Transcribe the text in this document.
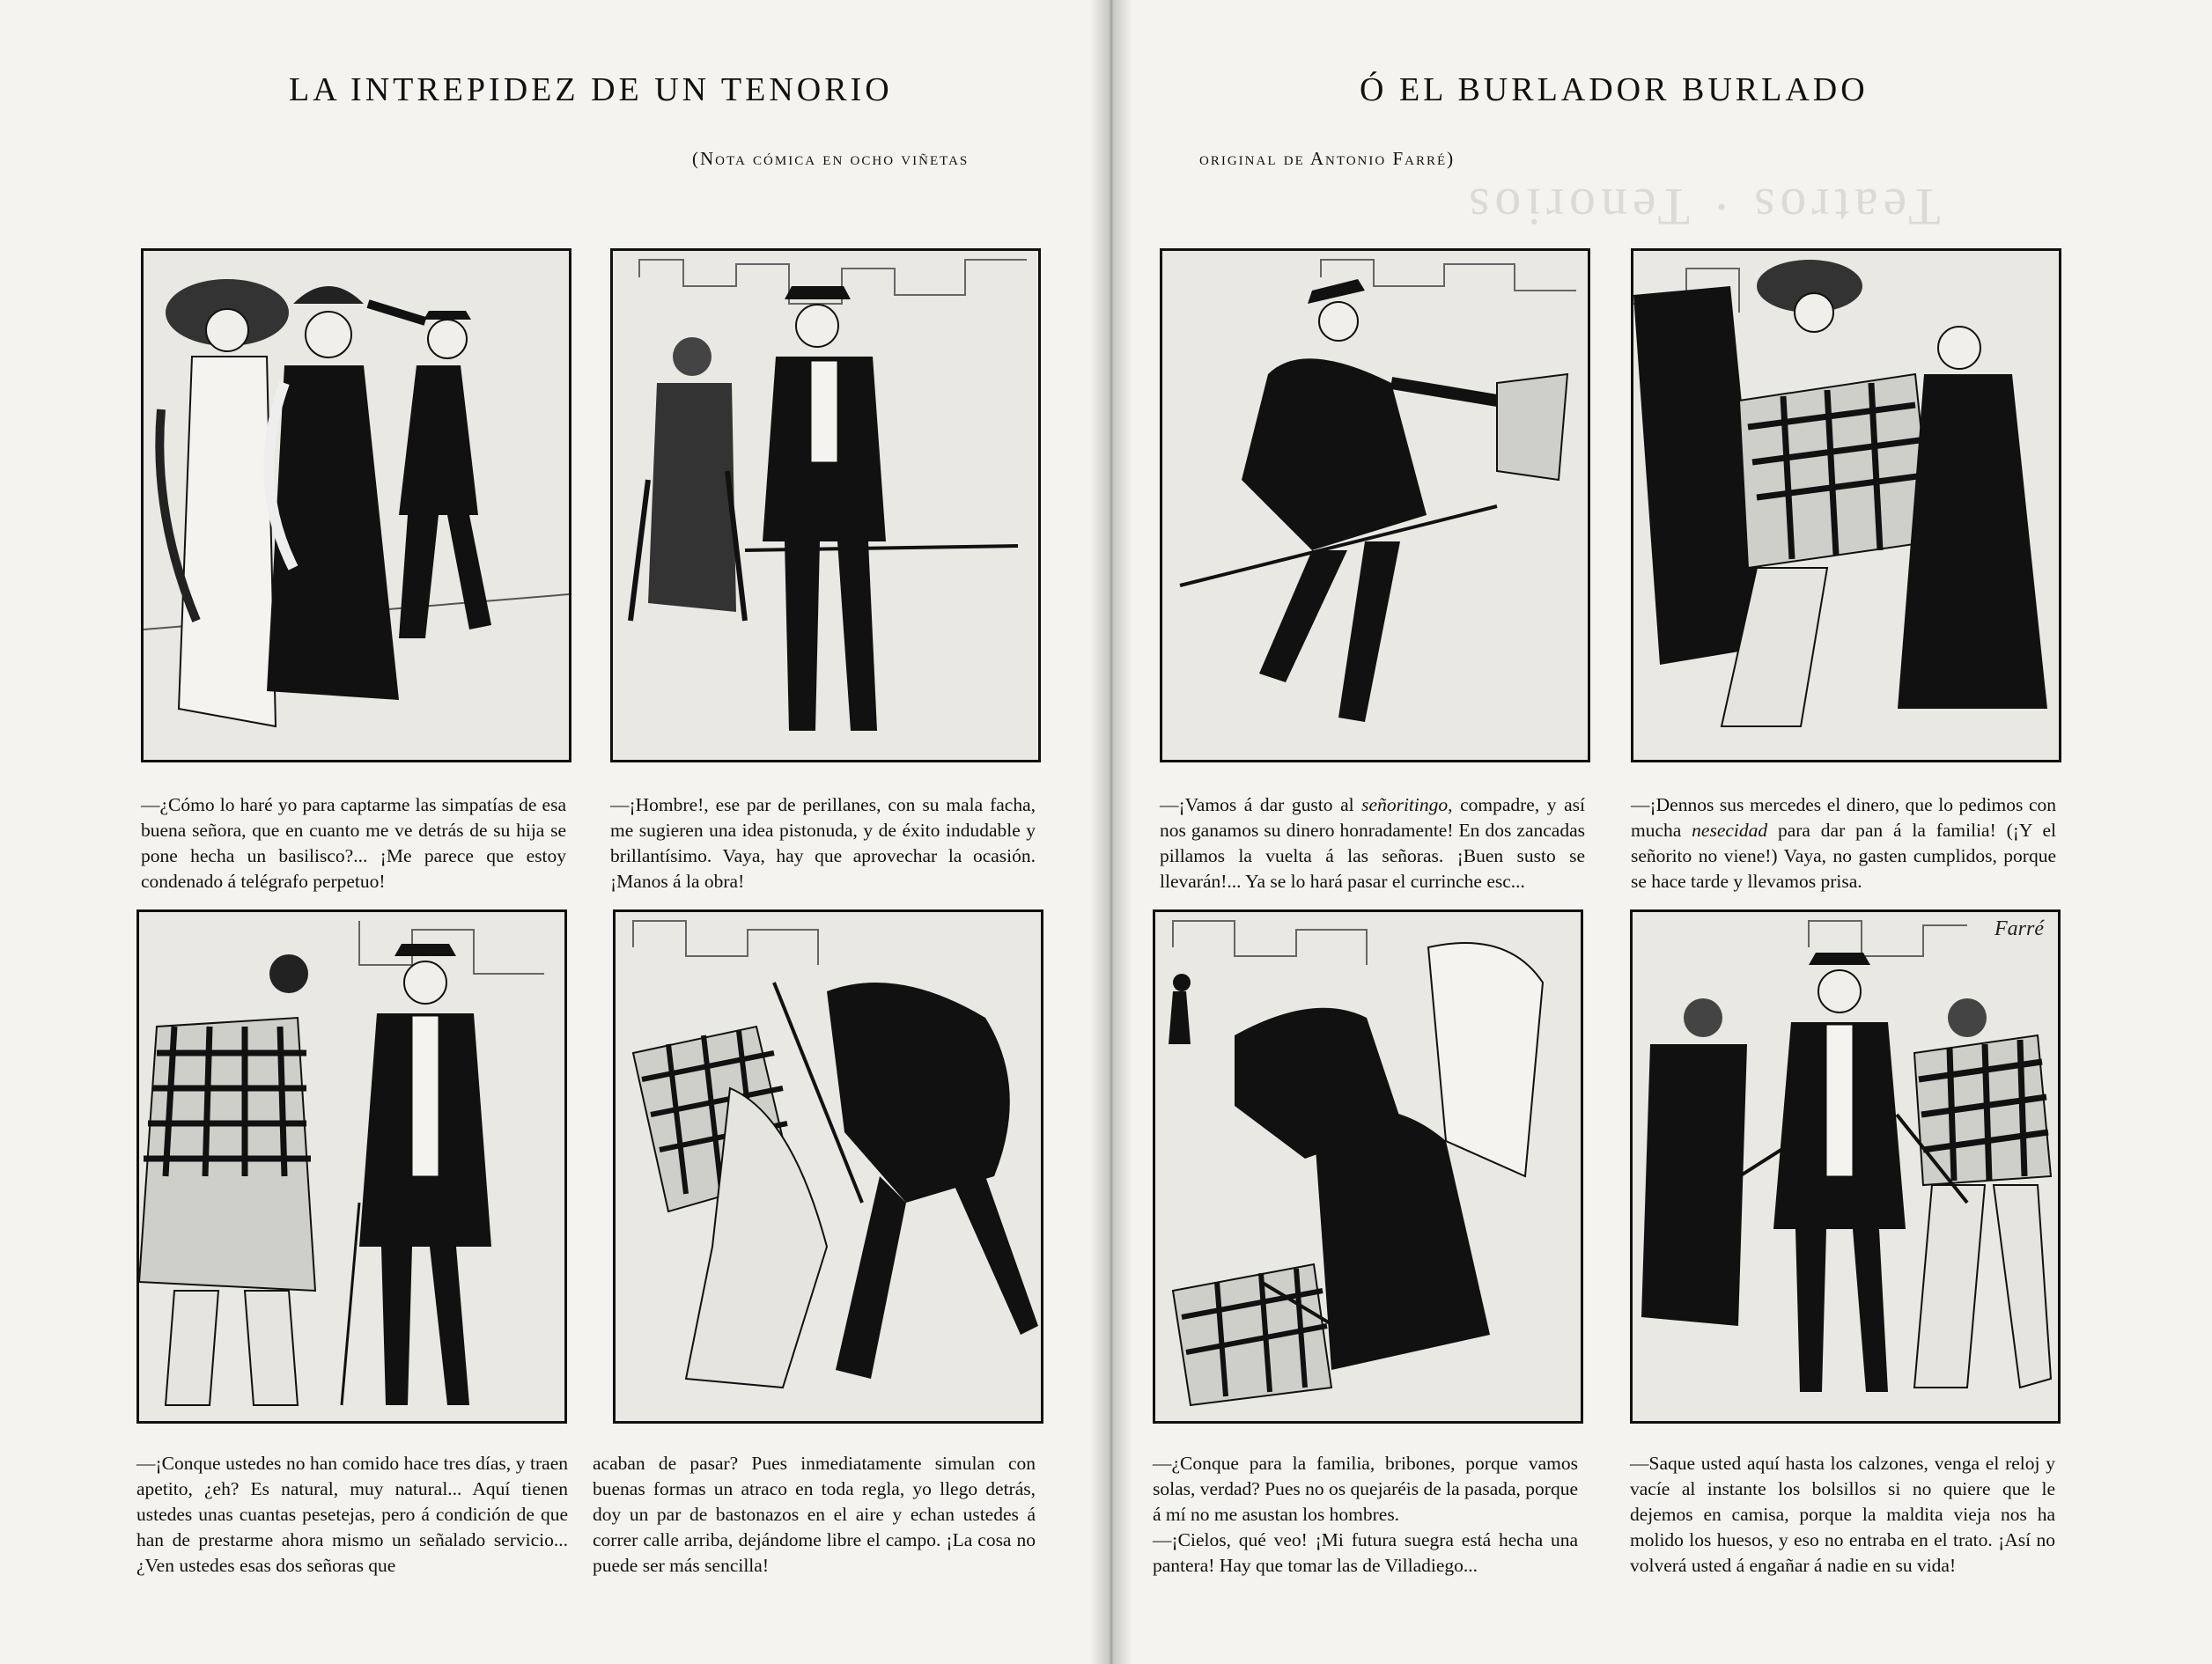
LA INTREPIDEZ DE UN TENORIO
(Nota cómica en ocho viñetas

—¿Cómo lo haré yo para captarme las simpatías de esa buena señora, que en cuanto me ve detrás de su hija se pone hecha un basilisco?... ¡Me parece que estoy condenado á telégrafo perpetuo!

—¡Hombre!, ese par de perillanes, con su mala facha, me sugieren una idea pistonuda, y de éxito indudable y brillantísimo. Vaya, hay que aprovechar la ocasión. ¡Manos á la obra!

—¡Conque ustedes no han comido hace tres días, y traen apetito, ¿eh? Es natural, muy natural... Aquí tienen ustedes unas cuantas pesetejas, pero á condición de que han de prestarme ahora mismo un señalado servicio... ¿Ven ustedes esas dos señoras que

acaban de pasar? Pues inmediatamente simulan con buenas formas un atraco en toda regla, yo llego detrás, doy un par de bastonazos en el aire y echan ustedes á correr calle arriba, dejándome libre el campo. ¡La cosa no puede ser más sencilla!

Teatros · Tenorios
Ó EL BURLADOR BURLADO
original de Antonio Farré)

—¡Vamos á dar gusto al señoritingo, compadre, y así nos ganamos su dinero honradamente! En dos zancadas pillamos la vuelta á las señoras. ¡Buen susto se llevarán!... Ya se lo hará pasar el currinche esc...

—¡Dennos sus mercedes el dinero, que lo pedimos con mucha nesecidad para dar pan á la familia! (¡Y el señorito no viene!) Vaya, no gasten cumplidos, porque se hace tarde y llevamos prisa.

Farré

—¿Conque para la familia, bribones, porque vamos solas, verdad? Pues no os quejaréis de la pasada, porque á mí no me asustan los hombres.

—¡Cielos, qué veo! ¡Mi futura suegra está hecha una pantera! Hay que tomar las de Villadiego...

—Saque usted aquí hasta los calzones, venga el reloj y vacíe al instante los bolsillos si no quiere que le dejemos en camisa, porque la maldita vieja nos ha molido los huesos, y eso no entraba en el trato. ¡Así no volverá usted á engañar á nadie en su vida!
